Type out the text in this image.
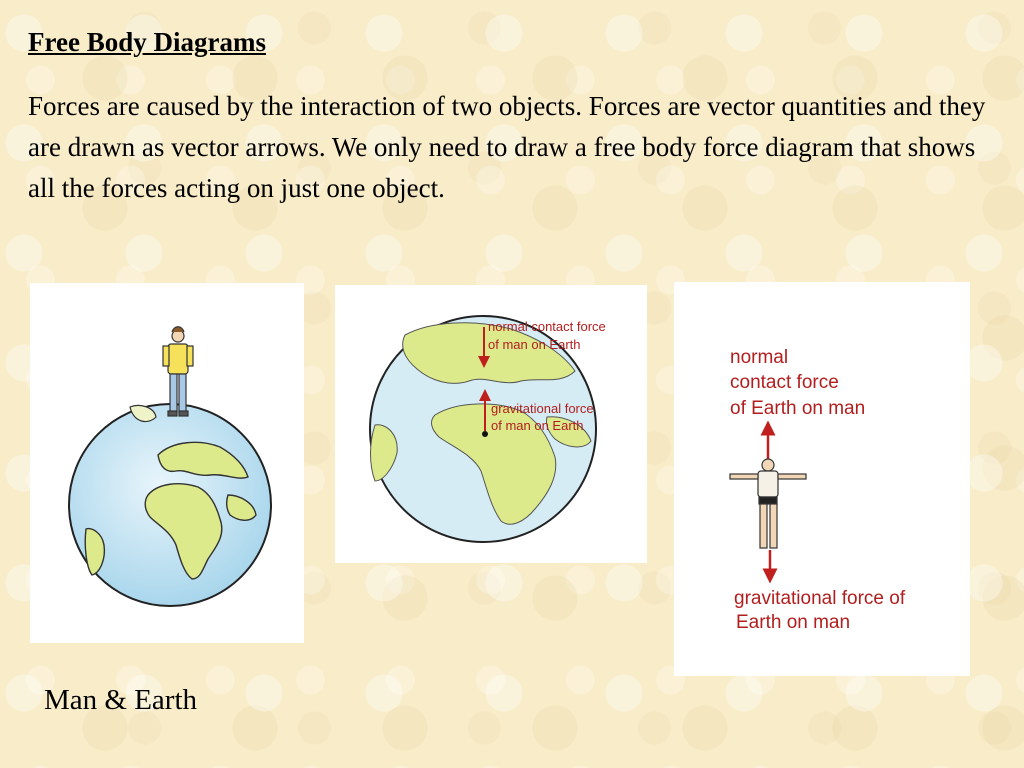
Free Body Diagrams
Forces are caused by the interaction of two objects. Forces are vector quantities and they are drawn as vector arrows. We only need to draw a free body force diagram that shows all the forces acting on just one object.
normal contact force
of man on Earth
gravitational force
of man on Earth
normal
contact force
of Earth on man
gravitational force of
Earth on man
Man & Earth
